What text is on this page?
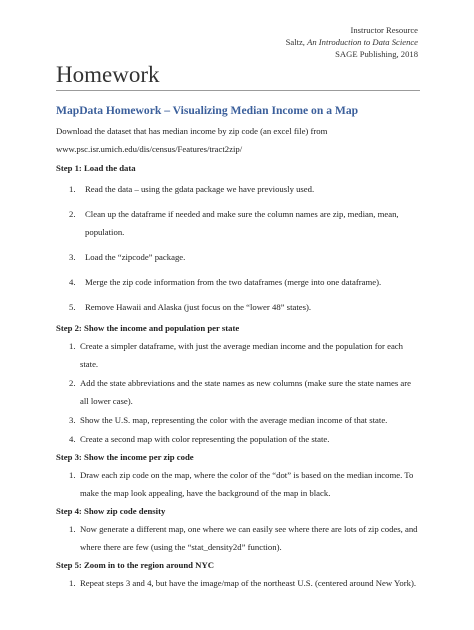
Instructor Resource
Saltz, An Introduction to Data Science
SAGE Publishing, 2018
Homework
MapData Homework – Visualizing Median Income on a Map

Download the dataset that has median income by zip code (an excel file) from
www.psc.isr.umich.edu/dis/census/Features/tract2zip/

Step 1: Load the data
1.	Read the data – using the gdata package we have previously used.
2.	Clean up the dataframe if needed and make sure the column names are zip, median, mean, population.
3.	Load the “zipcode” package.
4.	Merge the zip code information from the two dataframes (merge into one dataframe).
5.	Remove Hawaii and Alaska (just focus on the “lower 48” states).
Step 2: Show the income and population per state
1. Create a simpler dataframe, with just the average median income and the population for each state.
2. Add the state abbreviations and the state names as new columns (make sure the state names are all lower case).
3. Show the U.S. map, representing the color with the average median income of that state.
4. Create a second map with color representing the population of the state.
Step 3: Show the income per zip code
1. Draw each zip code on the map, where the color of the “dot” is based on the median income. To make the map look appealing, have the background of the map in black.
Step 4: Show zip code density
1. Now generate a different map, one where we can easily see where there are lots of zip codes, and where there are few (using the “stat_density2d” function).
Step 5: Zoom in to the region around NYC
1. Repeat steps 3 and 4, but have the image/map of the northeast U.S. (centered around New York).
